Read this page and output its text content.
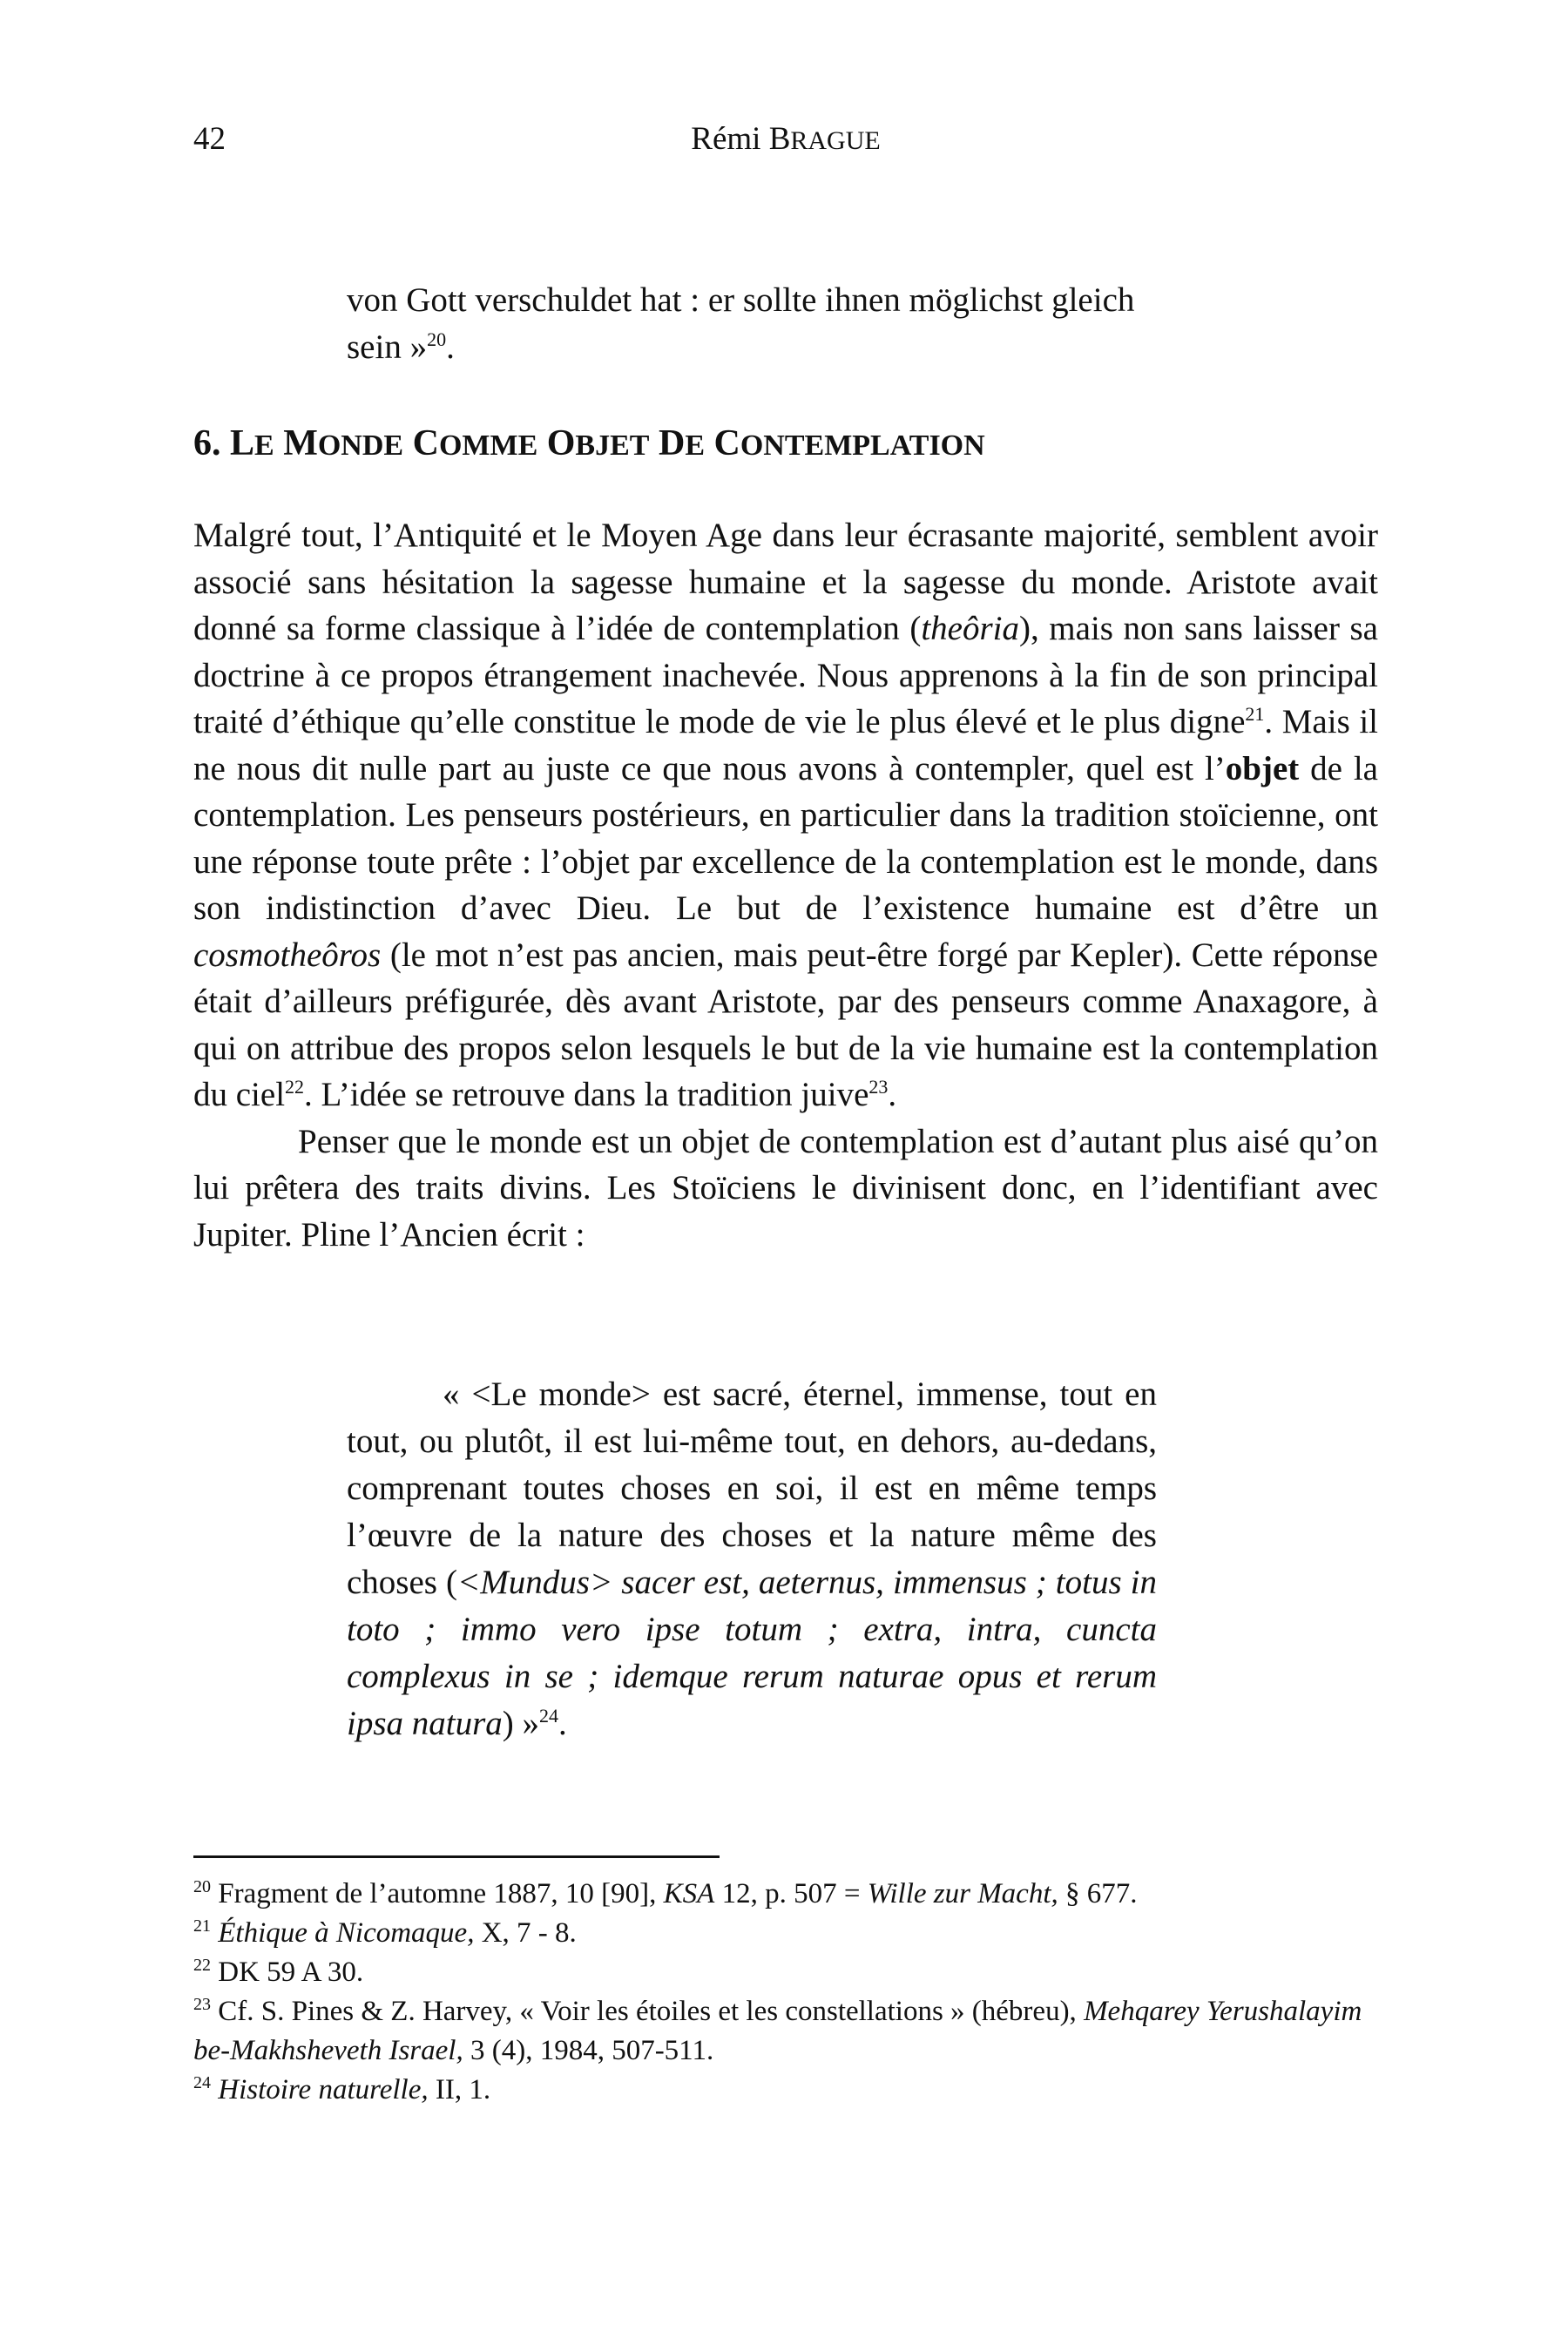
42	Rémi BRAGUE
von Gott verschuldet hat : er sollte ihnen möglichst gleich sein »$^{20}$.
6. LE MONDE COMME OBJET DE CONTEMPLATION

Malgré tout, l’Antiquité et le Moyen Age dans leur écrasante majorité, semblent avoir associé sans hésitation la sagesse humaine et la sagesse du monde. Aristote avait donné sa forme classique à l’idée de contemplation (theôria), mais non sans laisser sa doctrine à ce propos étrangement inachevée. Nous apprenons à la fin de son principal traité d’éthique qu’elle constitue le mode de vie le plus élevé et le plus digne$^{21}$. Mais il ne nous dit nulle part au juste ce que nous avons à contempler, quel est l’objet de la contemplation. Les penseurs postérieurs, en particulier dans la tradition stoïcienne, ont une réponse toute prête : l’objet par excellence de la contemplation est le monde, dans son indistinction d’avec Dieu. Le but de l’existence humaine est d’être un cosmotheôros (le mot n’est pas ancien, mais peut-être forgé par Kepler). Cette réponse était d’ailleurs préfigurée, dès avant Aristote, par des penseurs comme Anaxagore, à qui on attribue des propos selon lesquels le but de la vie humaine est la contemplation du ciel$^{22}$. L’idée se retrouve dans la tradition juive$^{23}$.

Penser que le monde est un objet de contemplation est d’autant plus aisé qu’on lui prêtera des traits divins. Les Stoïciens le divinisent donc, en l’identifiant avec Jupiter. Pline l’Ancien écrit :

« <Le monde> est sacré, éternel, immense, tout en tout, ou plutôt, il est lui-même tout, en dehors, au-dedans, comprenant toutes choses en soi, il est en même temps l’œuvre de la nature des choses et la nature même des choses (<Mundus> sacer est, aeternus, immensus ; totus in toto ; immo vero ipse totum ; extra, intra, cuncta complexus in se ; idemque rerum naturae opus et rerum ipsa natura) »$^{24}$.

$^{20}$ Fragment de l’automne 1887, 10 [90], KSA 12, p. 507 = Wille zur Macht, § 677.

$^{21}$ Éthique à Nicomaque, X, 7 - 8.

$^{22}$ DK 59 A 30.

$^{23}$ Cf. S. Pines & Z. Harvey, « Voir les étoiles et les constellations » (hébreu), Mehqarey Yerushalayim be-Makhsheveth Israel, 3 (4), 1984, 507-511.

$^{24}$ Histoire naturelle, II, 1.
